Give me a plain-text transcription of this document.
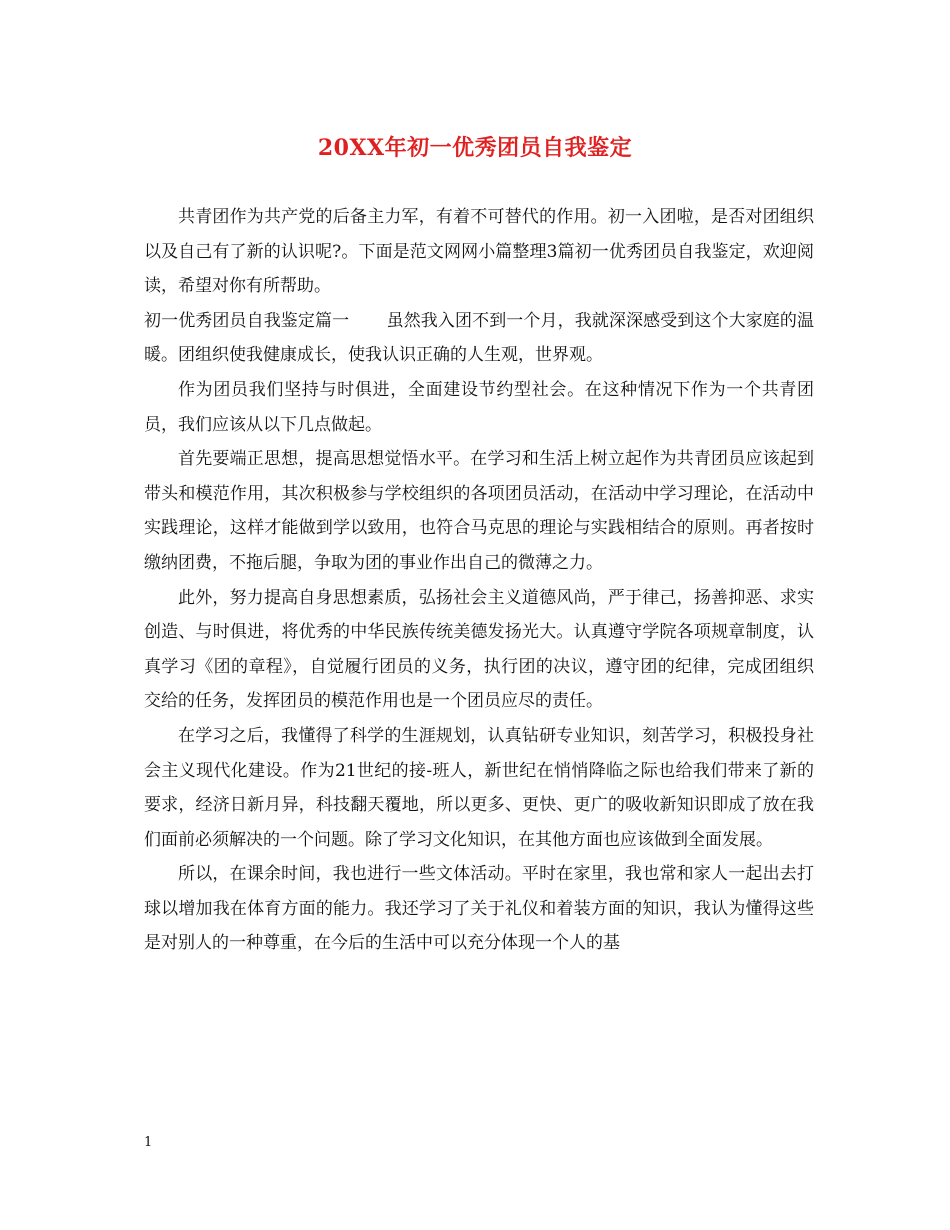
20XX年初一优秀团员自我鉴定

共青团作为共产党的后备主力军，有着不可替代的作用。初一入团啦，是否对团组织以及自己有了新的认识呢?。下面是范文网网小篇整理3篇初一优秀团员自我鉴定，欢迎阅读，希望对你有所帮助。

初一优秀团员自我鉴定篇一 虽然我入团不到一个月，我就深深感受到这个大家庭的温暖。团组织使我健康成长，使我认识正确的人生观，世界观。

作为团员我们坚持与时俱进，全面建设节约型社会。在这种情况下作为一个共青团员，我们应该从以下几点做起。

首先要端正思想，提高思想觉悟水平。在学习和生活上树立起作为共青团员应该起到带头和模范作用，其次积极参与学校组织的各项团员活动，在活动中学习理论，在活动中实践理论，这样才能做到学以致用，也符合马克思的理论与实践相结合的原则。再者按时缴纳团费，不拖后腿，争取为团的事业作出自己的微薄之力。

此外，努力提高自身思想素质，弘扬社会主义道德风尚，严于律己，扬善抑恶、求实创造、与时俱进，将优秀的中华民族传统美德发扬光大。认真遵守学院各项规章制度，认真学习《团的章程》，自觉履行团员的义务，执行团的决议，遵守团的纪律，完成团组织交给的任务，发挥团员的模范作用也是一个团员应尽的责任。

在学习之后，我懂得了科学的生涯规划，认真钻研专业知识，刻苦学习，积极投身社会主义现代化建设。作为21世纪的接-班人，新世纪在悄悄降临之际也给我们带来了新的要求，经济日新月异，科技翻天覆地，所以更多、更快、更广的吸收新知识即成了放在我们面前必须解决的一个问题。除了学习文化知识，在其他方面也应该做到全面发展。

所以，在课余时间，我也进行一些文体活动。平时在家里，我也常和家人一起出去打球以增加我在体育方面的能力。我还学习了关于礼仪和着装方面的知识，我认为懂得这些是对别人的一种尊重，在今后的生活中可以充分体现一个人的基

1
